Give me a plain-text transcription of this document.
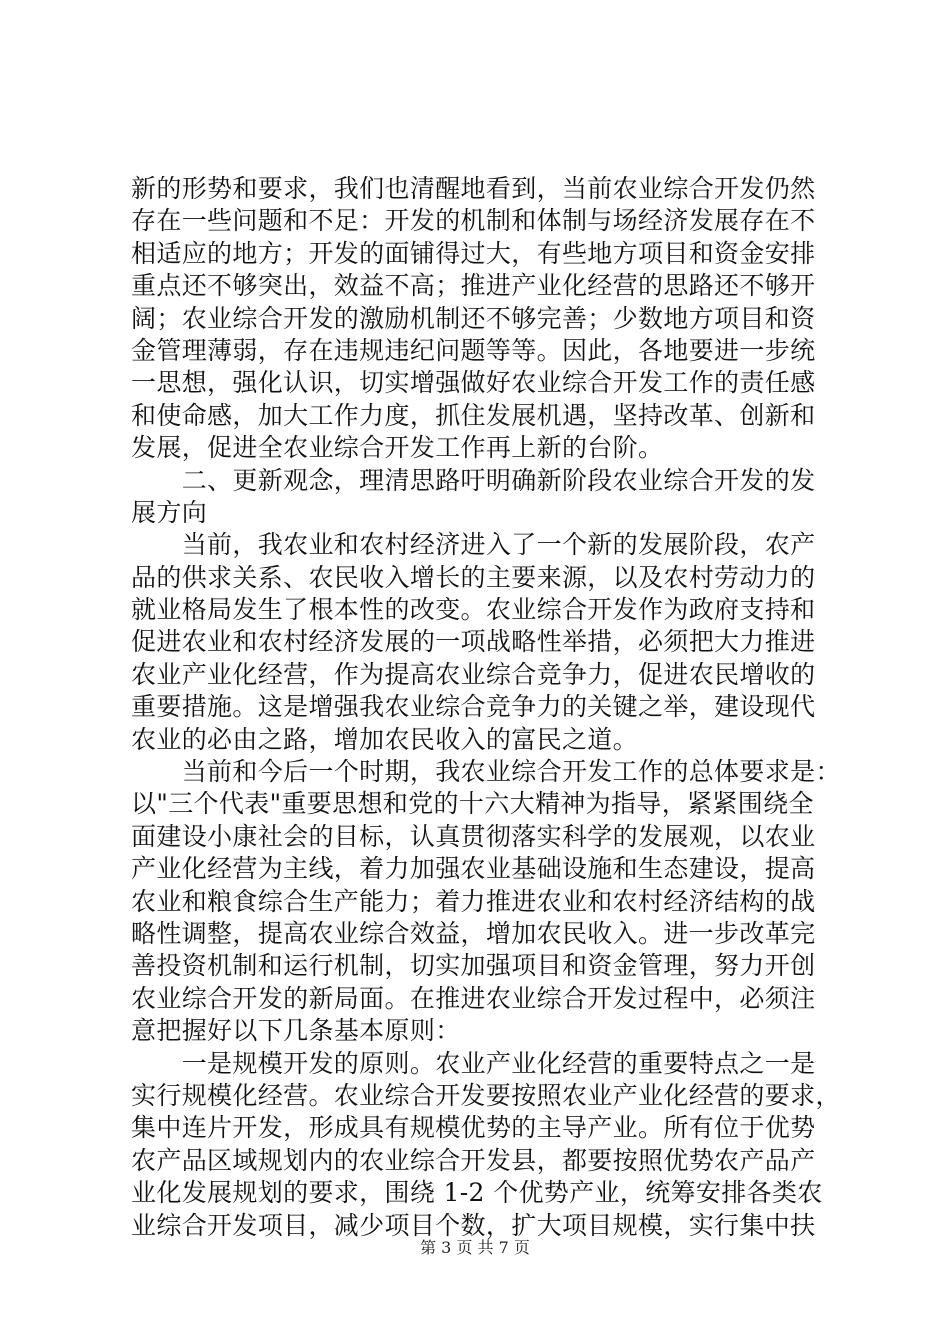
新的形势和要求，我们也清醒地看到，当前农业综合开发仍然
存在一些问题和不足：开发的机制和体制与场经济发展存在不
相适应的地方；开发的面铺得过大，有些地方项目和资金安排
重点还不够突出，效益不高；推进产业化经营的思路还不够开
阔；农业综合开发的激励机制还不够完善；少数地方项目和资
金管理薄弱，存在违规违纪问题等等。因此，各地要进一步统
一思想，强化认识，切实增强做好农业综合开发工作的责任感
和使命感，加大工作力度，抓住发展机遇，坚持改革、创新和
发展，促进全农业综合开发工作再上新的台阶。
　　二、更新观念，理清思路吁明确新阶段农业综合开发的发
展方向
　　当前，我农业和农村经济进入了一个新的发展阶段，农产
品的供求关系、农民收入增长的主要来源，以及农村劳动力的
就业格局发生了根本性的改变。农业综合开发作为政府支持和
促进农业和农村经济发展的一项战略性举措，必须把大力推进
农业产业化经营，作为提高农业综合竞争力，促进农民增收的
重要措施。这是增强我农业综合竞争力的关键之举，建设现代
农业的必由之路，增加农民收入的富民之道。
　　当前和今后一个时期，我农业综合开发工作的总体要求是：
以"三个代表"重要思想和党的十六大精神为指导，紧紧围绕全
面建设小康社会的目标，认真贯彻落实科学的发展观，以农业
产业化经营为主线，着力加强农业基础设施和生态建设，提高
农业和粮食综合生产能力；着力推进农业和农村经济结构的战
略性调整，提高农业综合效益，增加农民收入。进一步改革完
善投资机制和运行机制，切实加强项目和资金管理，努力开创
农业综合开发的新局面。在推进农业综合开发过程中，必须注
意把握好以下几条基本原则：
　　一是规模开发的原则。农业产业化经营的重要特点之一是
实行规模化经营。农业综合开发要按照农业产业化经营的要求，
集中连片开发，形成具有规模优势的主导产业。所有位于优势
农产品区域规划内的农业综合开发县，都要按照优势农产品产
业化发展规划的要求，围绕 1-2 个优势产业，统筹安排各类农
业综合开发项目，减少项目个数，扩大项目规模，实行集中扶
第 3 页 共 7 页
